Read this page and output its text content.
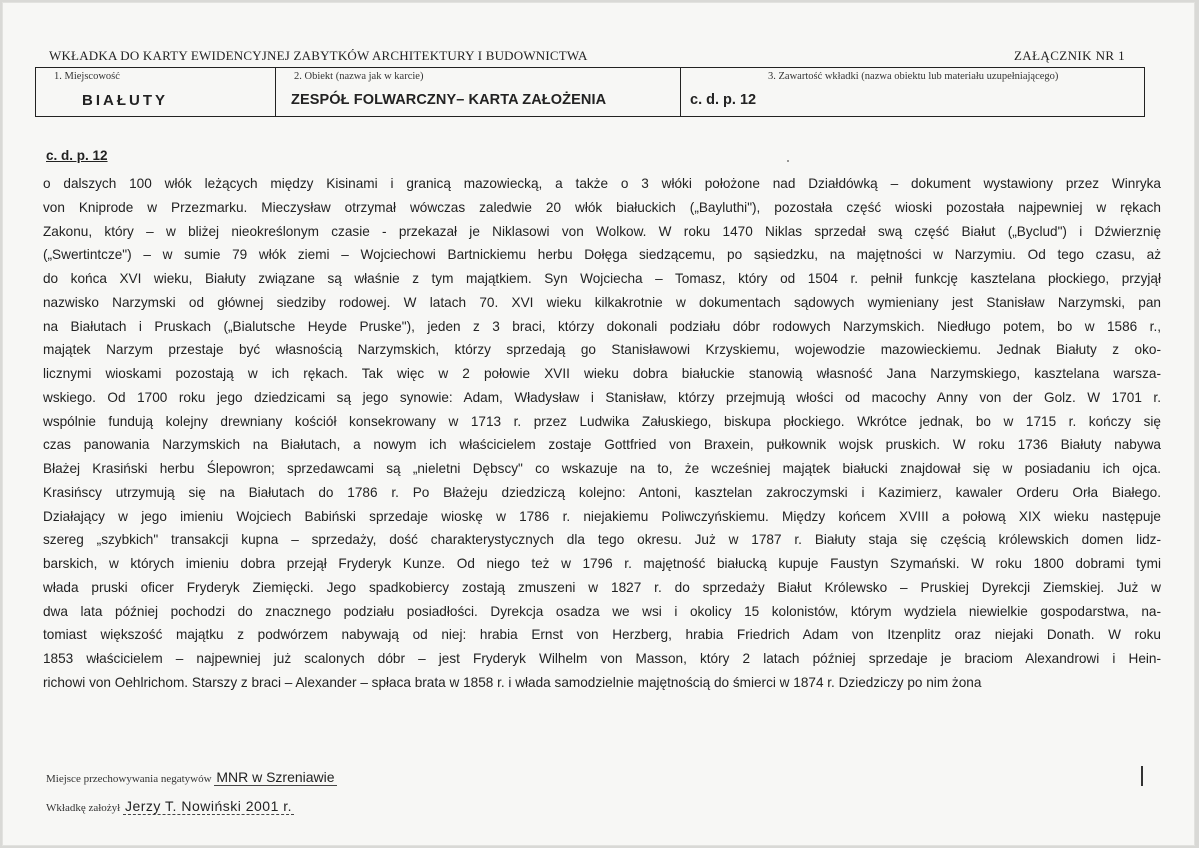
WKŁADKA DO KARTY EWIDENCYJNEJ ZABYTKÓW ARCHITEKTURY I BUDOWNICTWA	ZAŁĄCZNIK NR 1
1. Miejscowość
BIAŁUTY
2. Obiekt (nazwa jak w karcie)
ZESPÓŁ FOLWARCZNY– KARTA ZAŁOŻENIA
3. Zawartość wkładki (nazwa obiektu lub materiału uzupełniającego)
c. d. p. 12
c. d. p. 12
o dalszych 100 włók leżących między Kisinami i granicą mazowiecką, a także o 3 włóki położone nad Działdówką – dokument wystawiony przez Winryka
von Kniprode w Przezmarku. Mieczysław otrzymał wówczas zaledwie 20 włók białuckich („Bayluthi"), pozostała część wioski pozostała najpewniej w rękach
Zakonu, który – w bliżej nieokreślonym czasie - przekazał je Niklasowi von Wolkow. W roku 1470 Niklas sprzedał swą część Białut („Byclud") i Dźwierznię
(„Swertintcze") – w sumie 79 włók ziemi – Wojciechowi Bartnickiemu herbu Dołęga siedzącemu, po sąsiedzku, na majętności w Narzymiu. Od tego czasu, aż
do końca XVI wieku, Białuty związane są właśnie z tym majątkiem. Syn Wojciecha – Tomasz, który od 1504 r. pełnił funkcję kasztelana płockiego, przyjął
nazwisko Narzymski od głównej siedziby rodowej. W latach 70. XVI wieku kilkakrotnie w dokumentach sądowych wymieniany jest Stanisław Narzymski, pan
na Białutach i Pruskach („Bialutsche Heyde Pruske"), jeden z 3 braci, którzy dokonali podziału dóbr rodowych Narzymskich. Niedługo potem, bo w 1586 r.,
majątek Narzym przestaje być własnością Narzymskich, którzy sprzedają go Stanisławowi Krzyskiemu, wojewodzie mazowieckiemu. Jednak Białuty z oko-
licznymi wioskami pozostają w ich rękach. Tak więc w 2 połowie XVII wieku dobra białuckie stanowią własność Jana Narzymskiego, kasztelana warsza-
wskiego. Od 1700 roku jego dziedzicami są jego synowie: Adam, Władysław i Stanisław, którzy przejmują włości od macochy Anny von der Golz. W 1701 r.
wspólnie fundują kolejny drewniany kościół konsekrowany w 1713 r. przez Ludwika Załuskiego, biskupa płockiego. Wkrótce jednak, bo w 1715 r. kończy się
czas panowania Narzymskich na Białutach, a nowym ich właścicielem zostaje Gottfried von Braxein, pułkownik wojsk pruskich. W roku 1736 Białuty nabywa
Błażej Krasiński herbu Ślepowron; sprzedawcami są „nieletni Dębscy" co wskazuje na to, że wcześniej majątek białucki znajdował się w posiadaniu ich ojca.
Krasińscy utrzymują się na Białutach do 1786 r. Po Błażeju dziedziczą kolejno: Antoni, kasztelan zakroczymski i Kazimierz, kawaler Orderu Orła Białego.
Działający w jego imieniu Wojciech Babiński sprzedaje wioskę w 1786 r. niejakiemu Poliwczyńskiemu. Między końcem XVIII a połową XIX wieku następuje
szereg „szybkich" transakcji kupna – sprzedaży, dość charakterystycznych dla tego okresu. Już w 1787 r. Białuty staja się częścią królewskich domen lidz-
barskich, w których imieniu dobra przejął Fryderyk Kunze. Od niego też w 1796 r. majętność białucką kupuje Faustyn Szymański. W roku 1800 dobrami tymi
włada pruski oficer Fryderyk Ziemięcki. Jego spadkobiercy zostają zmuszeni w 1827 r. do sprzedaży Białut Królewsko – Pruskiej Dyrekcji Ziemskiej. Już w
dwa lata później pochodzi do znacznego podziału posiadłości. Dyrekcja osadza we wsi i okolicy 15 kolonistów, którym wydziela niewielkie gospodarstwa, na-
tomiast większość majątku z podwórzem nabywają od niej: hrabia Ernst von Herzberg, hrabia Friedrich Adam von Itzenplitz oraz niejaki Donath. W roku
1853 właścicielem – najpewniej już scalonych dóbr – jest Fryderyk Wilhelm von Masson, który 2 latach później sprzedaje je braciom Alexandrowi i Hein-
richowi von Oehlrichom. Starszy z braci – Alexander – spłaca brata w 1858 r. i włada samodzielnie majętnością do śmierci w 1874 r. Dziedziczy po nim żona
Miejsce przechowywania negatywów MNR w Szreniawie
Wkładkę założył Jerzy T. Nowiński 2001 r.
